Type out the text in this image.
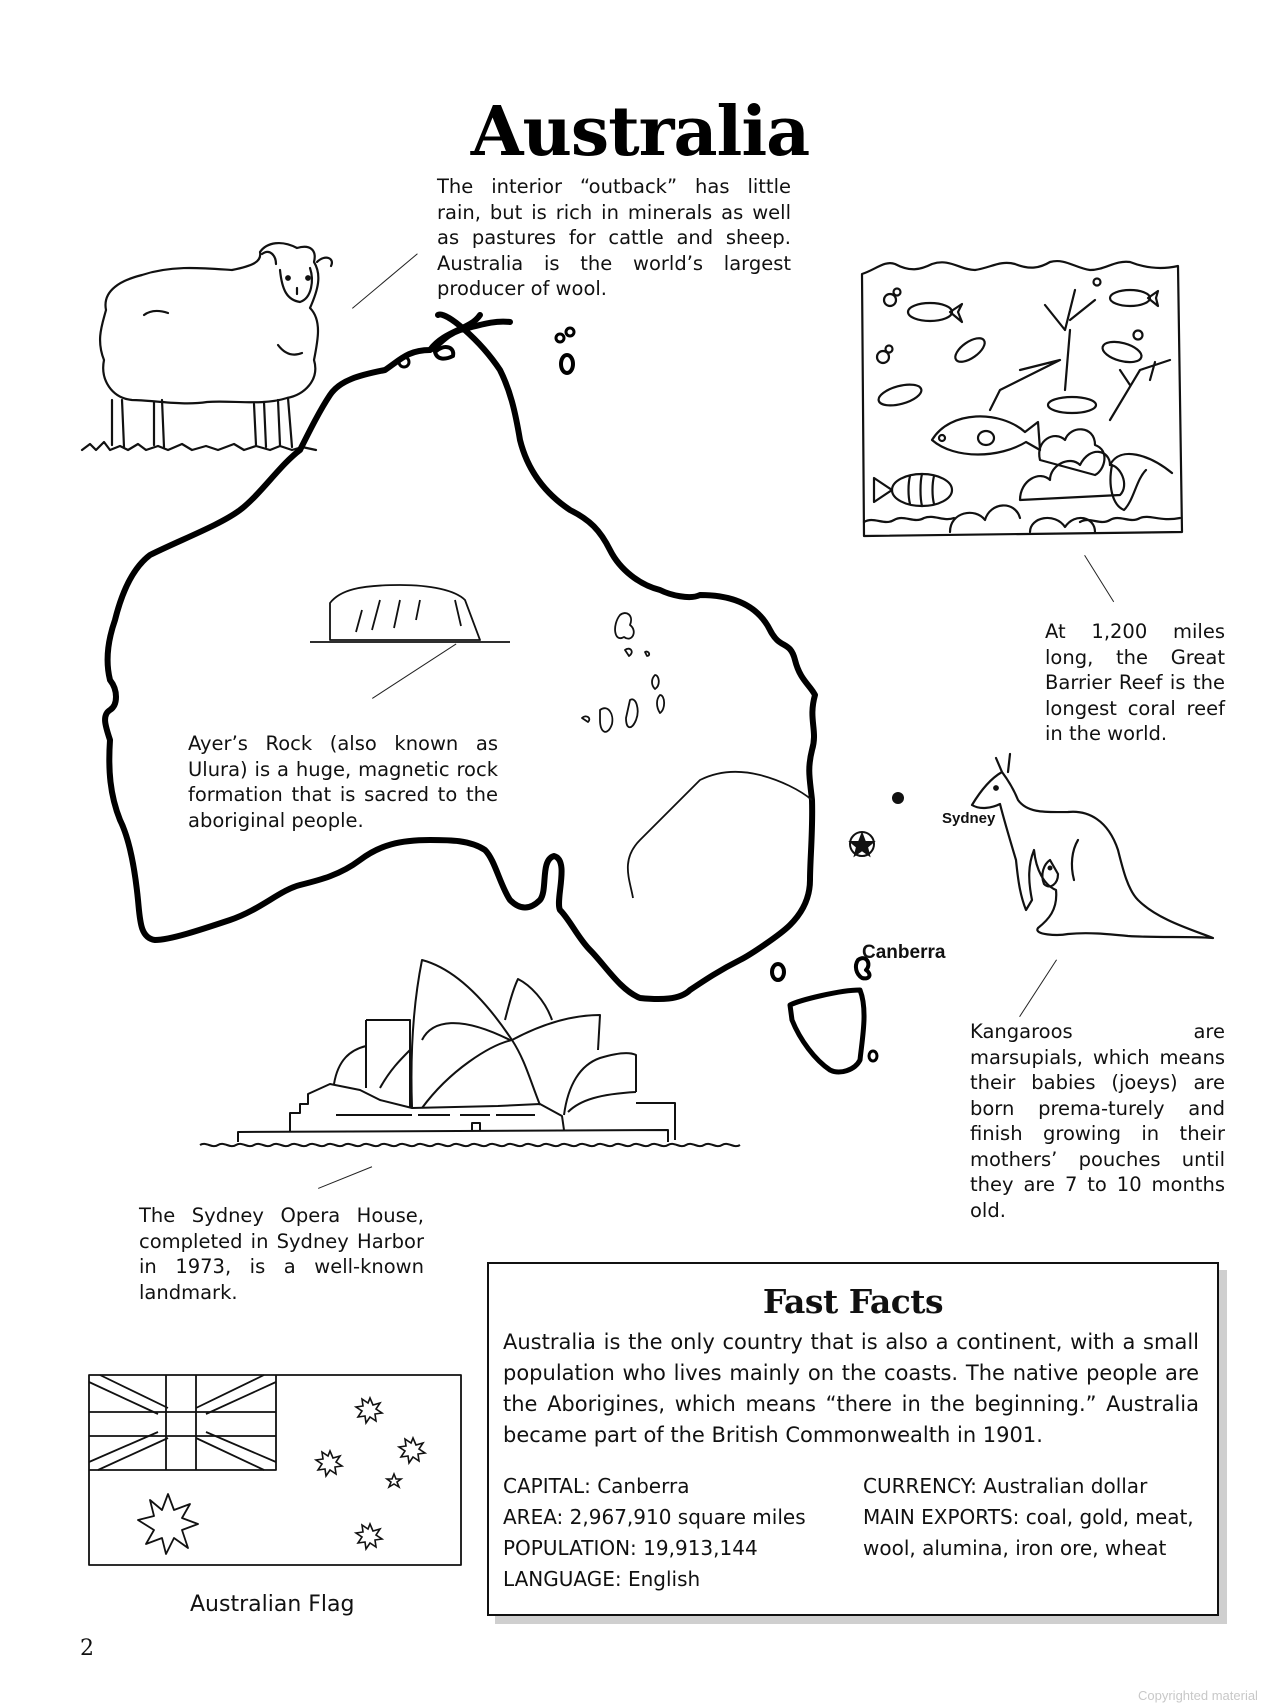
Australia
The interior “outback” has little rain, but is rich in minerals as well as pastures for cattle and sheep. Australia is the world’s largest producer of wool.
Sydney
Canberra
Ayer’s Rock (also known as Ulura) is a huge, magnetic rock formation that is sacred to the aboriginal people.
At 1,200 miles long, the Great Barrier Reef is the longest coral reef in the world.
Kangaroos are marsupials, which means their babies (joeys) are born prema-turely and finish growing in their mothers’ pouches until they are 7 to 10 months old.
The Sydney Opera House, completed in Sydney Harbor in 1973, is a well-known landmark.
Australian Flag
2
Fast Facts
Australia is the only country that is also a continent, with a small population who lives mainly on the coasts. The native people are the Aborigines, which means “there in the beginning.” Australia became part of the British Commonwealth in 1901.
CAPITAL: Canberra
AREA: 2,967,910 square miles
POPULATION: 19,913,144
LANGUAGE: English
CURRENCY: Australian dollar
MAIN EXPORTS: coal, gold, meat, wool, alumina, iron ore, wheat
Copyrighted material
